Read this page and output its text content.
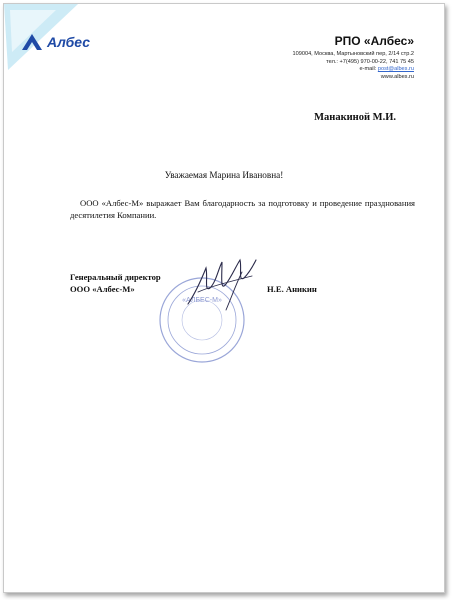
Албес	РПО «Албес»
109004, Москва, Мартыновский пер, 2/14 стр.2
тел.: +7(495) 970-00-22, 741 75 45
e-mail: post@albes.ru
www.albes.ru
Манакиной М.И.
Уважаемая Марина Ивановна!
ООО «Албес-М» выражает Вам благодарность за подготовку и проведение празднования десятилетия Компании.
«АЛБЕС-М»
Генеральный директор
ООО «Албес-М»	Н.Е. Аникин
